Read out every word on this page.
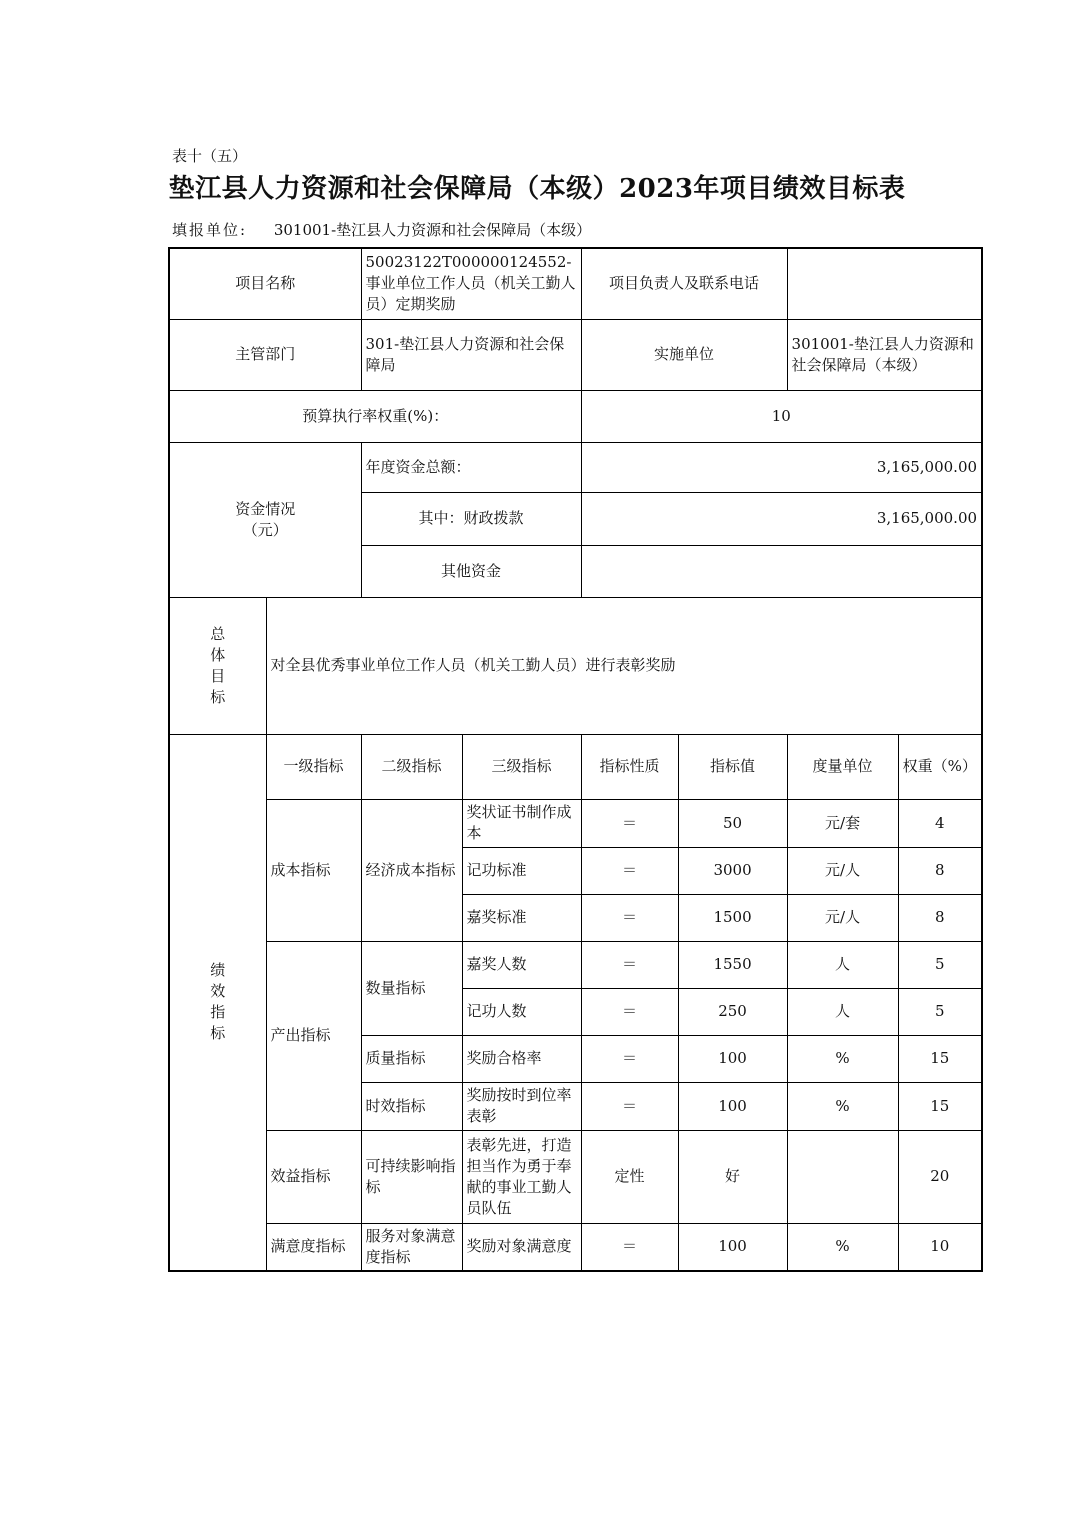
表十（五）
垫江县人力资源和社会保障局（本级）2023年项目绩效目标表
填报单位: 301001-垫江县人力资源和社会保障局（本级）
项目名称		50023122T000000124552-事业单位工作人员（机关工勤人员）定期奖励		项目负责人及联系电话			
主管部门		301-垫江县人力资源和社会保障局		实施单位		301001-垫江县人力资源和社会保障局（本级）	
预算执行率权重(%)：				10			

资金情况
（元）		年度资金总额：		3,165,000.00			
		其中：财政拨款		3,165,000.00			
		其他资金					

总
体
目
标	对全县优秀事业单位工作人员（机关工勤人员）进行表彰奖励						

绩
效
指
标	一级指标	二级指标	三级指标	指标性质	指标值	度量单位	权重（%）
	成本指标	经济成本指标	奖状证书制作成本	＝	50	元/套	4
			记功标准	＝	3000	元/人	8
			嘉奖标准	＝	1500	元/人	8
	产出指标	数量指标	嘉奖人数	＝	1550	人	5
			记功人数	＝	250	人	5
		质量指标	奖励合格率	＝	100	%	15
		时效指标	奖励按时到位率表彰	＝	100	%	15
	效益指标	可持续影响指标	表彰先进，打造担当作为勇于奉献的事业工勤人员队伍	定性	好		20
	满意度指标	服务对象满意度指标	奖励对象满意度	＝	100	%	10
